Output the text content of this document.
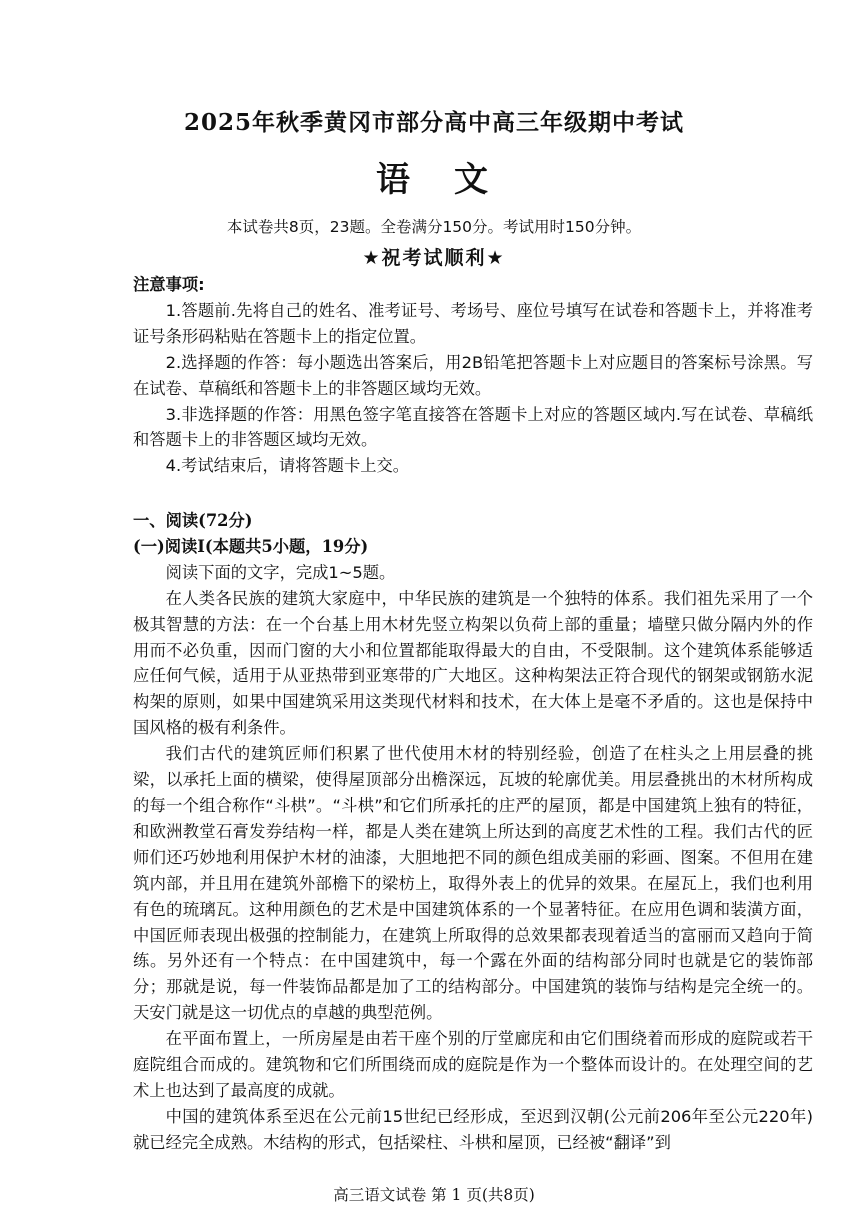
2025年秋季黄冈市部分高中高三年级期中考试
语文
本试卷共8页，23题。全卷满分150分。考试用时150分钟。
★祝考试顺利★

注意事项:

1.答题前.先将自己的姓名、准考证号、考场号、座位号填写在试卷和答题卡上，并将准考证号条形码粘贴在答题卡上的指定位置。

2.选择题的作答：每小题选出答案后，用2B铅笔把答题卡上对应题目的答案标号涂黑。写在试卷、草稿纸和答题卡上的非答题区域均无效。

3.非选择题的作答：用黑色签字笔直接答在答题卡上对应的答题区域内.写在试卷、草稿纸和答题卡上的非答题区域均无效。

4.考试结束后，请将答题卡上交。

一、阅读(72分)

(一)阅读Ⅰ(本题共5小题，19分)

阅读下面的文字，完成1~5题。

在人类各民族的建筑大家庭中，中华民族的建筑是一个独特的体系。我们祖先采用了一个极其智慧的方法：在一个台基上用木材先竖立构架以负荷上部的重量；墙壁只做分隔内外的作用而不必负重，因而门窗的大小和位置都能取得最大的自由，不受限制。这个建筑体系能够适应任何气候，适用于从亚热带到亚寒带的广大地区。这种构架法正符合现代的钢架或钢筋水泥构架的原则，如果中国建筑采用这类现代材料和技术，在大体上是毫不矛盾的。这也是保持中国风格的极有利条件。

我们古代的建筑匠师们积累了世代使用木材的特别经验，创造了在柱头之上用层叠的挑梁，以承托上面的横梁，使得屋顶部分出檐深远，瓦坡的轮廓优美。用层叠挑出的木材所构成的每一个组合称作“斗栱”。“斗栱”和它们所承托的庄严的屋顶，都是中国建筑上独有的特征，和欧洲教堂石膏发券结构一样，都是人类在建筑上所达到的高度艺术性的工程。我们古代的匠师们还巧妙地利用保护木材的油漆，大胆地把不同的颜色组成美丽的彩画、图案。不但用在建筑内部，并且用在建筑外部檐下的梁枋上，取得外表上的优异的效果。在屋瓦上，我们也利用有色的琉璃瓦。这种用颜色的艺术是中国建筑体系的一个显著特征。在应用色调和装潢方面，中国匠师表现出极强的控制能力，在建筑上所取得的总效果都表现着适当的富丽而又趋向于简练。另外还有一个特点：在中国建筑中，每一个露在外面的结构部分同时也就是它的装饰部分；那就是说，每一件装饰品都是加了工的结构部分。中国建筑的装饰与结构是完全统一的。天安门就是这一切优点的卓越的典型范例。

在平面布置上，一所房屋是由若干座个别的厅堂廊庑和由它们围绕着而形成的庭院或若干庭院组合而成的。建筑物和它们所围绕而成的庭院是作为一个整体而设计的。在处理空间的艺术上也达到了最高度的成就。

中国的建筑体系至迟在公元前15世纪已经形成，至迟到汉朝(公元前206年至公元220年)就已经完全成熟。木结构的形式，包括梁柱、斗栱和屋顶，已经被“翻译”到

高三语文试卷 第 1 页(共8页)
